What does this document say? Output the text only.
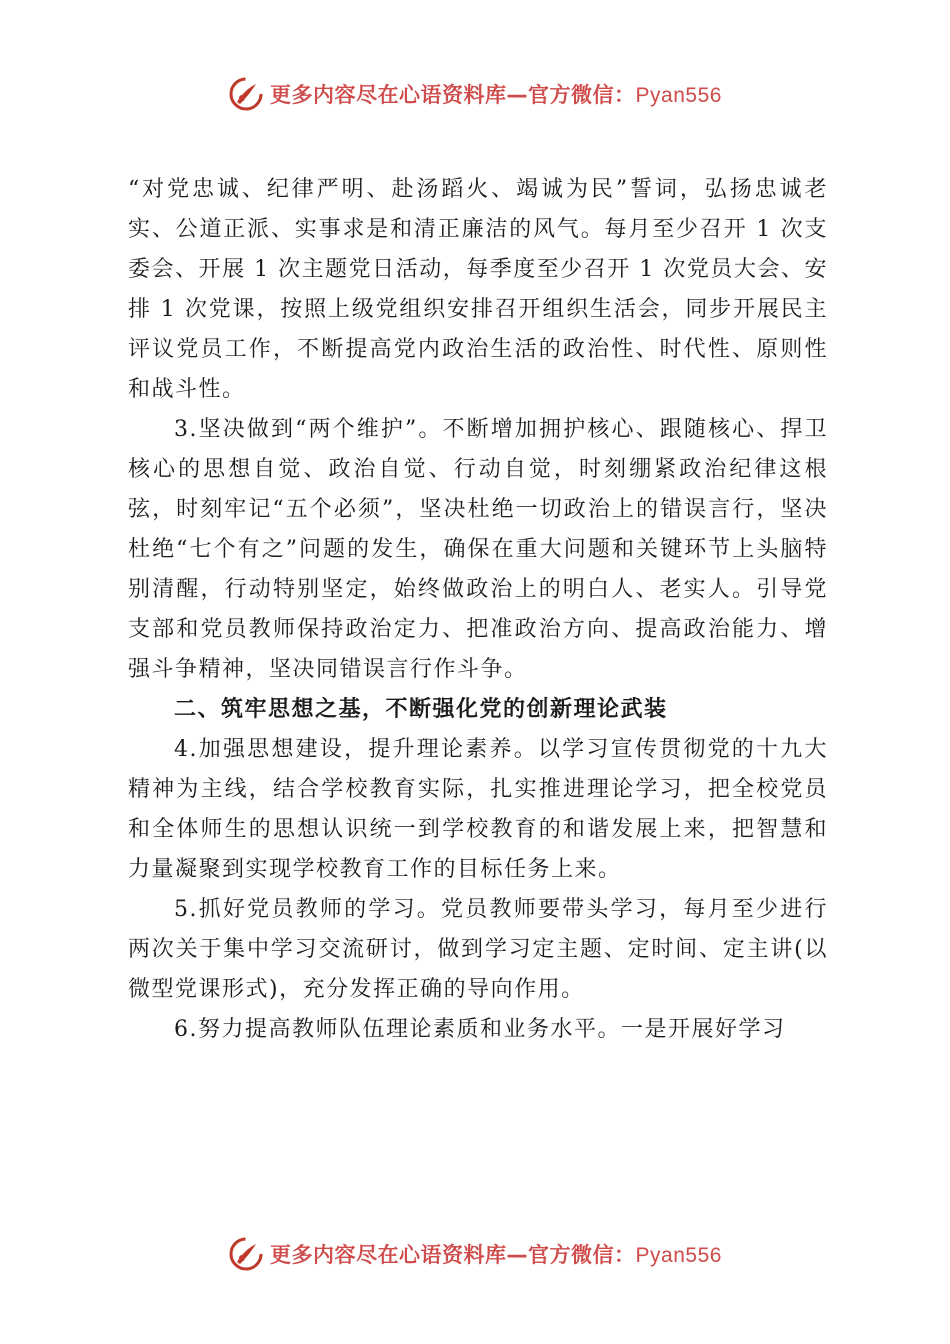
更多内容尽在心语资料库—官方微信：Pyan556

“对党忠诚、纪律严明、赴汤蹈火、竭诚为民”誓词，弘扬忠诚老实、公道正派、实事求是和清正廉洁的风气。每月至少召开 1 次支委会、开展 1 次主题党日活动，每季度至少召开 1 次党员大会、安排 1 次党课，按照上级党组织安排召开组织生活会，同步开展民主评议党员工作，不断提高党内政治生活的政治性、时代性、原则性和战斗性。

3.坚决做到“两个维护”。不断增加拥护核心、跟随核心、捍卫核心的思想自觉、政治自觉、行动自觉，时刻绷紧政治纪律这根弦，时刻牢记“五个必须”，坚决杜绝一切政治上的错误言行，坚决杜绝“七个有之”问题的发生，确保在重大问题和关键环节上头脑特别清醒，行动特别坚定，始终做政治上的明白人、老实人。引导党支部和党员教师保持政治定力、把准政治方向、提高政治能力、增强斗争精神，坚决同错误言行作斗争。

二、筑牢思想之基，不断强化党的创新理论武装

4.加强思想建设，提升理论素养。以学习宣传贯彻党的十九大精神为主线，结合学校教育实际，扎实推进理论学习，把全校党员和全体师生的思想认识统一到学校教育的和谐发展上来，把智慧和力量凝聚到实现学校教育工作的目标任务上来。

5.抓好党员教师的学习。党员教师要带头学习，每月至少进行两次关于集中学习交流研讨，做到学习定主题、定时间、定主讲(以微型党课形式)，充分发挥正确的导向作用。

6.努力提高教师队伍理论素质和业务水平。一是开展好学习

更多内容尽在心语资料库—官方微信：Pyan556
